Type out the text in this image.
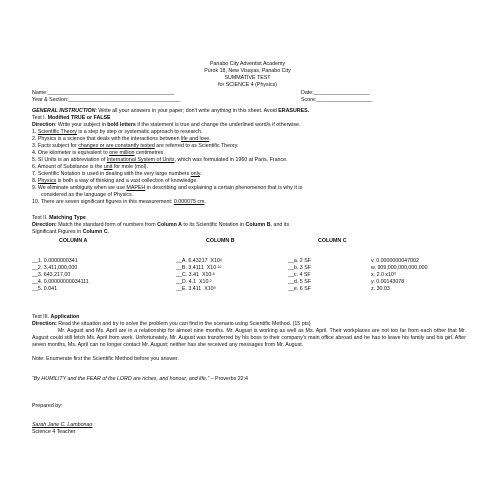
Panabo City Adventist Academy
Purok 18, New Visayas, Panabo City
SUMMATIVE TEST
for SCIENCE 4 (Physics)
Name:___________________________________________	Date:___________________
Year & Section:______________________________________	Score:___________________
GENERAL INSTRUCTION: Write all your answers in your paper; don't write anything in this sheet. Avoid ERASURES.
Test I. Modified TRUE or FALSE
Direction: Write your subject in bold letters if the statement is true and change the underlined word/s if otherwise.
1. Scientific Theory is a step by step or systematic approach to research.
2. Physics is a science that deals with the interactions between life and love.
3. Facts subject for changes or are constantly tested are referred to as Scientific Theory.
4. One kilometer is equivalent to one million centimetres.
5. SI Units is an abbreviation of International System of Units, which was formulated in 1960 at Paris, France.
6. Amount of Substance is the unit for mole (mol).
7. Scientific Notation is used in dealing with the very large numbers only.
8. Physics is both a way of thinking and a vast collection of knowledge.
9. We eliminate ambiguity when we use MAPEH in describing and explaining a certain phenomenon that is why it is
considered as the language of Physics.
10. There are seven significant figures in this measurement: 0.000075 cm.
Test II. Matching Type
Direction: Match the standard form of numbers from Column A to its Scientific Notation in Column B. and its
Significant Figures in Column C.
COLUMN A	COLUMN B	COLUMN C
__1. 0.0000000341	__A. 6.43217 $X10^4$	__a. 2 SF	v. 0.0000000047002
__2. 3,411,000,000	__B. 3.4111 $X10^{-10}$	__b. 3 SF	w. 909,000,000,000,000
__3. 643,217.00	__C. 3.41 $X10^{-8}$	__c. 4 SF	x. 2.0 x10³
__4. 0.00000000034111	__D. 4.1 $X10^{-2}$	__d. 5 SF	y. 0.00143078
__5. 0.041	__E. 3.411 $X10^9$	__e. 6 SF	z. 30.03
Test III. Application
Direction: Read the situation and try to solve the problem you can find in the scenario using Scientific Method. (15 pts)
Mr. August and Ms. April are in a relationship for almost nine months. Mr. August is working as well as Ms. April. Their workplaces are not too far from each other that Mr. August could still fetch Ms. April from work. Unfortunately, Mr. August was transferred by his boss to their company's main office abroad and he has to leave his family and his girl. After seven months, Ms. April can no longer contact Mr. August; neither has she received any messages from Mr. August.
Note: Enumerate first the Scientific Method before you answer.
“By HUMILITY and the FEAR of the LORD are riches, and honour, and life.” – Proverbs 22:4
Prepared by:
Sarah Jane C. Lambonao
Science 4 Teacher
